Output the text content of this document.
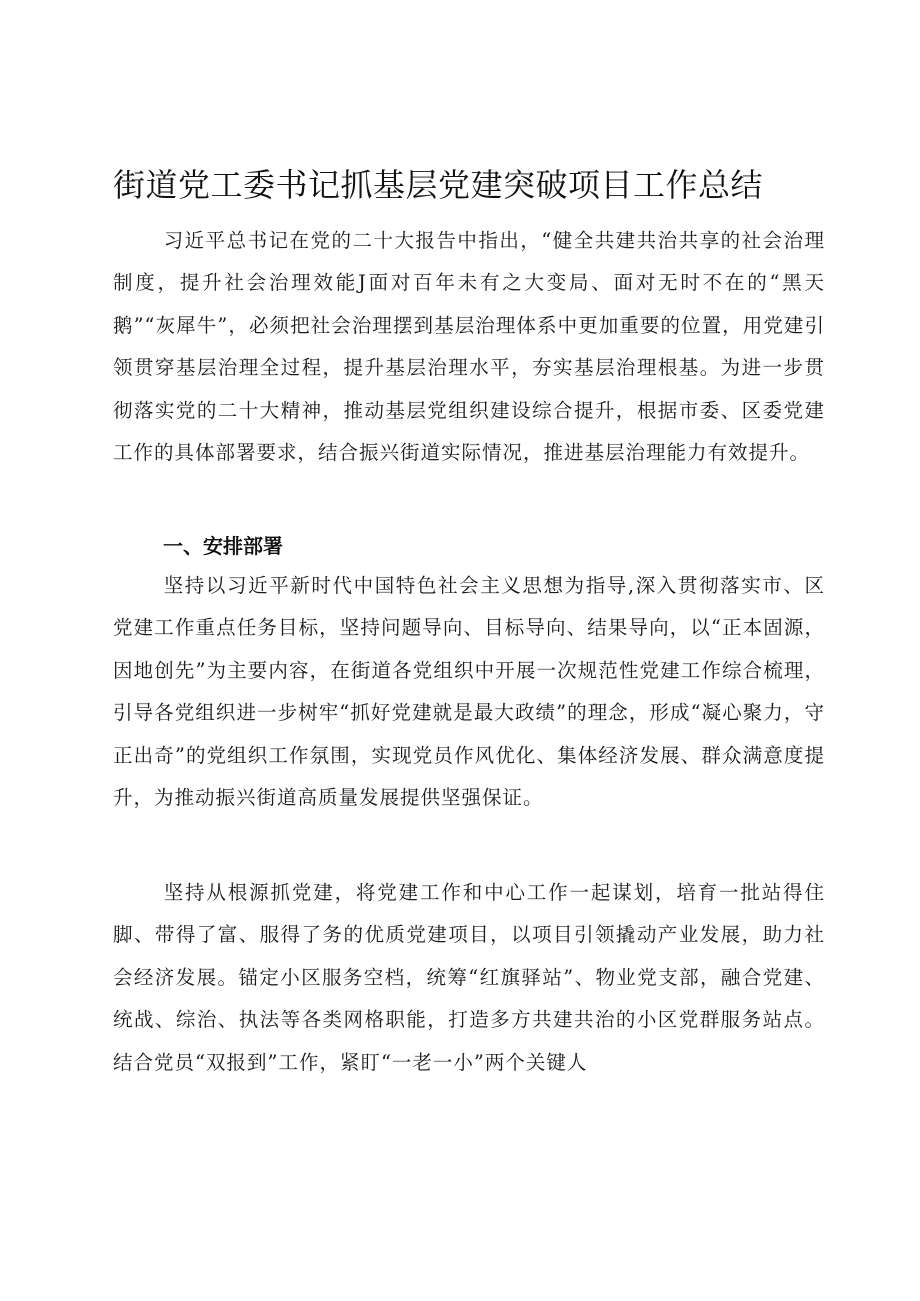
街道党工委书记抓基层党建突破项目工作总结

习近平总书记在党的二十大报告中指出，“健全共建共治共享的社会治理制度，提升社会治理效能J面对百年未有之大变局、面对无时不在的“黑天鹅”“灰犀牛”，必须把社会治理摆到基层治理体系中更加重要的位置，用党建引领贯穿基层治理全过程，提升基层治理水平，夯实基层治理根基。为进一步贯彻落实党的二十大精神，推动基层党组织建设综合提升，根据市委、区委党建工作的具体部署要求，结合振兴街道实际情况，推进基层治理能力有效提升。

一、安排部署

坚持以习近平新时代中国特色社会主义思想为指导,深入贯彻落实市、区党建工作重点任务目标，坚持问题导向、目标导向、结果导向，以“正本固源，因地创先”为主要内容，在街道各党组织中开展一次规范性党建工作综合梳理，引导各党组织进一步树牢“抓好党建就是最大政绩”的理念，形成“凝心聚力，守正出奇”的党组织工作氛围，实现党员作风优化、集体经济发展、群众满意度提升，为推动振兴街道高质量发展提供坚强保证。

坚持从根源抓党建，将党建工作和中心工作一起谋划，培育一批站得住脚、带得了富、服得了务的优质党建项目，以项目引领撬动产业发展，助力社会经济发展。锚定小区服务空档，统筹“红旗驿站”、物业党支部，融合党建、统战、综治、执法等各类网格职能，打造多方共建共治的小区党群服务站点。结合党员“双报到”工作，紧盯“一老一小”两个关键人
